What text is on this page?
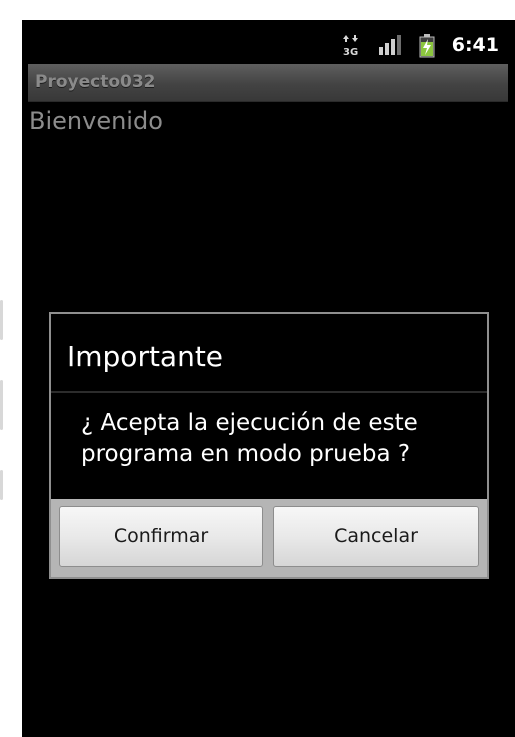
3G	6:41
Proyecto032
Bienvenido
Importante
¿ Acepta la ejecución de este programa en modo prueba ?
Confirmar	Cancelar
